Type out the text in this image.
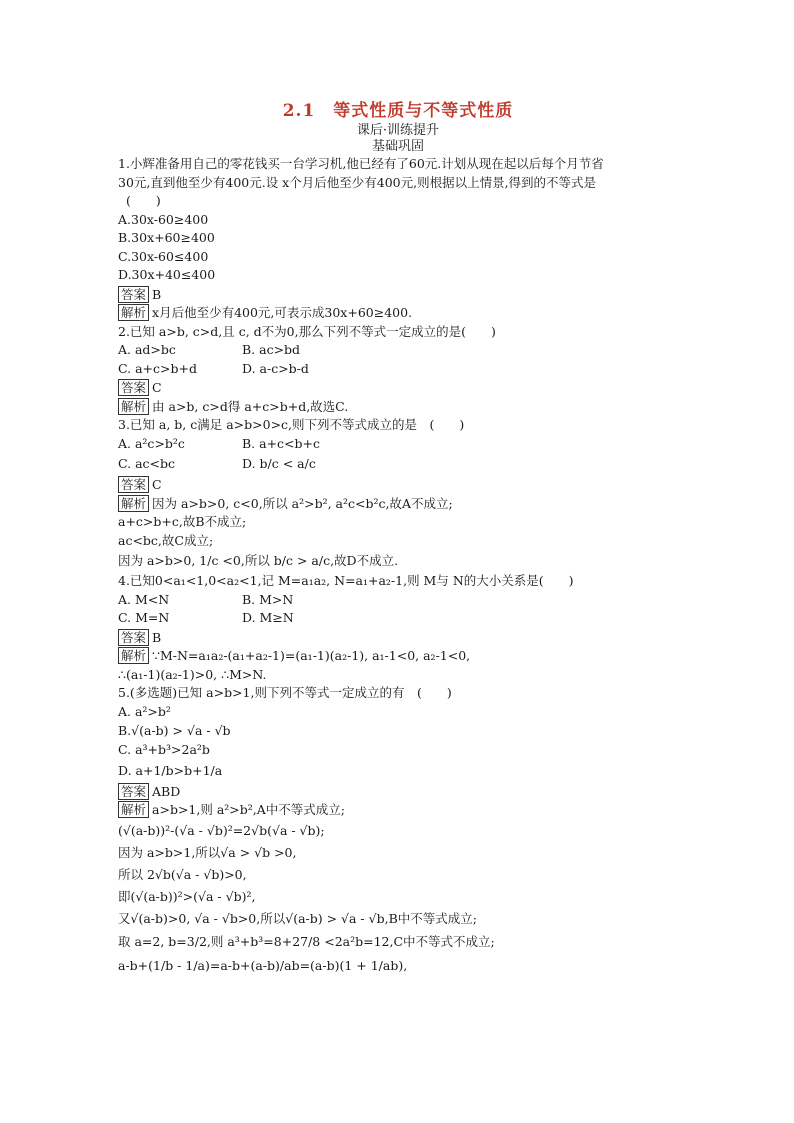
2.1　等式性质与不等式性质
课后·训练提升
基础巩固
1.小辉准备用自己的零花钱买一台学习机,他已经有了60元.计划从现在起以后每个月节省
30元,直到他至少有400元.设 x个月后他至少有400元,则根据以上情景,得到的不等式是
(　　)
A.30x-60≥400
B.30x+60≥400
C.30x-60≤400
D.30x+40≤400
答案 B
解析 x月后他至少有400元,可表示成30x+60≥400.
2.已知 a>b, c>d,且 c, d不为0,那么下列不等式一定成立的是(　　)
A. ad>bc	B. ac>bd
C. a+c>b+d	D. a-c>b-d
答案 C
解析 由 a>b, c>d得 a+c>b+d,故选C.
3.已知 a, b, c满足 a>b>0>c,则下列不等式成立的是　(　　)
A. a²c>b²c	B. a+c<b+c
C. ac<bc	D. b/c < a/c
答案 C
解析 因为 a>b>0, c<0,所以 a²>b², a²c<b²c,故A不成立;
a+c>b+c,故B不成立;
ac<bc,故C成立;
因为 a>b>0, 1/c <0,所以 b/c > a/c,故D不成立.
4.已知0<a₁<1,0<a₂<1,记 M=a₁a₂, N=a₁+a₂-1,则 M与 N的大小关系是(　　)
A. M<N	B. M>N
C. M=N	D. M≥N
答案 B
解析 ∵M-N=a₁a₂-(a₁+a₂-1)=(a₁-1)(a₂-1), a₁-1<0, a₂-1<0,
∴(a₁-1)(a₂-1)>0, ∴M>N.
5.(多选题)已知 a>b>1,则下列不等式一定成立的有　(　　)
A. a²>b²
B.√(a-b) > √a - √b
C. a³+b³>2a²b
D. a+1/b>b+1/a
答案 ABD
解析 a>b>1,则 a²>b²,A中不等式成立;
(√(a-b))²-(√a - √b)²=2√b(√a - √b);
因为 a>b>1,所以√a > √b >0,
所以 2√b(√a - √b)>0,
即(√(a-b))²>(√a - √b)²,
又√(a-b)>0, √a - √b>0,所以√(a-b) > √a - √b,B中不等式成立;
取 a=2, b=3/2,则 a³+b³=8+27/8 <2a²b=12,C中不等式不成立;
a-b+(1/b - 1/a)=a-b+(a-b)/ab=(a-b)(1 + 1/ab),
